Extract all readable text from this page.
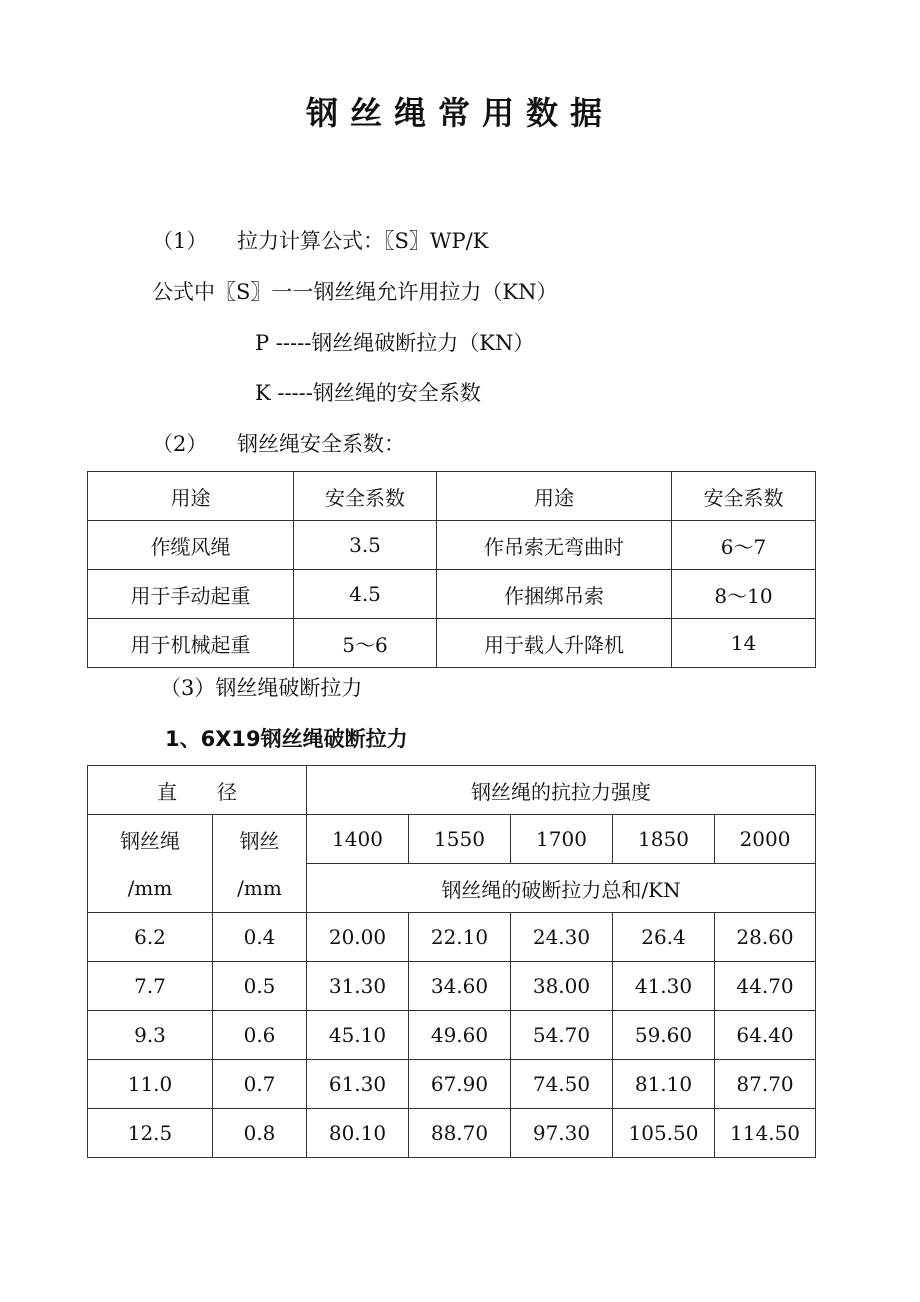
钢丝绳常用数据
（1） 拉力计算公式：〖S〗WP/K
公式中〖S〗一一钢丝绳允许用拉力（KN）
P -----钢丝绳破断拉力（KN）
K -----钢丝绳的安全系数
（2） 钢丝绳安全系数：
用途	安全系数	用途	安全系数
作缆风绳	3.5	作吊索无弯曲时	6〜7
用于手动起重	4.5	作捆绑吊索	8〜10
用于机械起重	5〜6	用于载人升降机	14
（3）钢丝绳破断拉力
1、6X19钢丝绳破断拉力
直　　径		钢丝绳的抗拉力强度				
钢丝绳	钢丝	1400	1550	1700	1850	2000
/mm	/mm	钢丝绳的破断拉力总和/KN				
6.2	0.4	20.00	22.10	24.30	26.4	28.60
7.7	0.5	31.30	34.60	38.00	41.30	44.70
9.3	0.6	45.10	49.60	54.70	59.60	64.40
11.0	0.7	61.30	67.90	74.50	81.10	87.70
12.5	0.8	80.10	88.70	97.30	105.50	114.50
